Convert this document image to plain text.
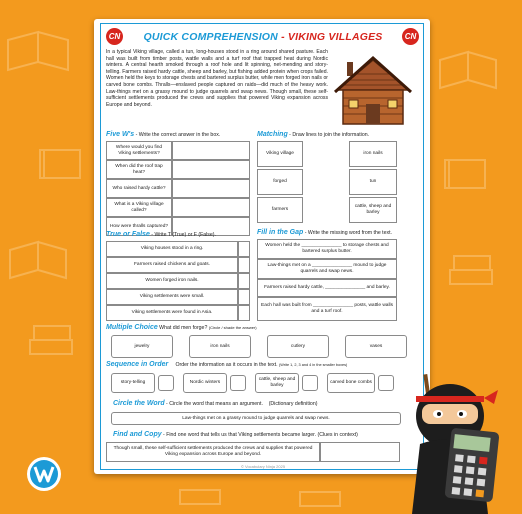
CN	CN
QUICK COMPREHENSION - VIKING VILLAGES
In a typical Viking village, called a tun, long-houses stood in a ring around shared pasture. Each hall was built from timber posts, wattle walls and a turf roof that trapped heat during Nordic winters. A central hearth smoked through a roof hole and lit spinning, net-mending and story-telling. Farmers raised hardy cattle, sheep and barley, but fishing added protein when crops failed. Women held the keys to storage chests and bartered surplus butter, while men forged iron nails or carved bone combs. Thralls—enslaved people captured on raids—did much of the heavy work. Law-things met on a grassy mound to judge quarrels and swap news. Though small, these self-sufficient settlements produced the crews and supplies that powered Viking expansion across Europe and beyond.
Five W's - Write the correct answer in the box.
Where would you find Viking settlements?
When did the roof trap heat?
Who raised hardy cattle?
What is a Viking village called?
How were thralls captured?
Matching - Draw lines to join the information.
Viking village
forged
farmers
iron nails
tun
cattle, sheep and barley
True or False - Write T (True) or F (False).
Viking houses stood in a ring.
Farmers raised chickens and goats.
Women forged iron nails.
Viking settlements were small.
Viking settlements were found in Asia.
Fill in the Gap - Write the missing word from the text.
Women held the _______________ to storage chests and bartered surplus butter.
Law-things met on a _______________ mound to judge quarrels and swap news.
Farmers raised hardy cattle, _______________ and barley.
Each hall was built from _______________ posts, wattle walls and a turf roof.
Multiple Choice What did men forge? (Circle / shade the answer)
jewelry	iron nails	cutlery	vases
Sequence in Order Order the information as it occurs in the text. (Write 1, 2, 3 and 4 in the smaller boxes)
story-telling	Nordic winters
cattle, sheep and barley
carved bone combs
Circle the Word - Circle the word that means an argument. (Dictionary definition)
Law-things met on a grassy mound to judge quarrels and swap news.
Find and Copy - Find one word that tells us that Viking settlements became larger. (Clues in context)
Though small, these self-sufficient settlements produced the crews and supplies that powered Viking expansion across Europe and beyond.
© Vocabulary Ninja 2025
